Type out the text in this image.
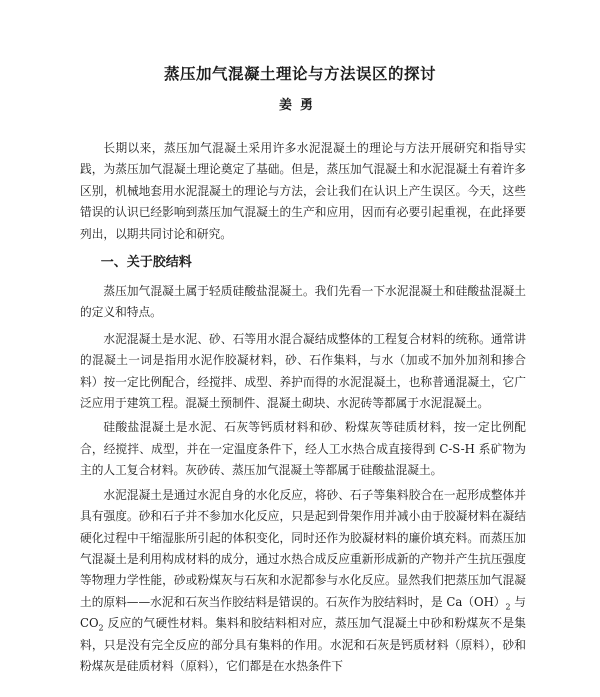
蒸压加气混凝土理论与方法误区的探讨
姜勇

长期以来，蒸压加气混凝土采用许多水泥混凝土的理论与方法开展研究和指导实践，为蒸压加气混凝土理论奠定了基础。但是，蒸压加气混凝土和水泥混凝土有着许多区别，机械地套用水泥混凝土的理论与方法，会让我们在认识上产生误区。今天，这些错误的认识已经影响到蒸压加气混凝土的生产和应用，因而有必要引起重视，在此择要列出，以期共同讨论和研究。

一、关于胶结料

蒸压加气混凝土属于轻质硅酸盐混凝土。我们先看一下水泥混凝土和硅酸盐混凝土的定义和特点。

水泥混凝土是水泥、砂、石等用水混合凝结成整体的工程复合材料的统称。通常讲的混凝土一词是指用水泥作胶凝材料，砂、石作集料，与水（加或不加外加剂和掺合料）按一定比例配合，经搅拌、成型、养护而得的水泥混凝土，也称普通混凝土，它广泛应用于建筑工程。混凝土预制件、混凝土砌块、水泥砖等都属于水泥混凝土。

硅酸盐混凝土是水泥、石灰等钙质材料和砂、粉煤灰等硅质材料，按一定比例配合，经搅拌、成型，并在一定温度条件下，经人工水热合成直接得到 C-S-H 系矿物为主的人工复合材料。灰砂砖、蒸压加气混凝土等都属于硅酸盐混凝土。

水泥混凝土是通过水泥自身的水化反应，将砂、石子等集料胶合在一起形成整体并具有强度。砂和石子并不参加水化反应，只是起到骨架作用并减小由于胶凝材料在凝结硬化过程中干缩湿胀所引起的体积变化，同时还作为胶凝材料的廉价填充料。而蒸压加气混凝土是利用构成材料的成分，通过水热合成反应重新形成新的产物并产生抗压强度等物理力学性能，砂或粉煤灰与石灰和水泥都参与水化反应。显然我们把蒸压加气混凝土的原料——水泥和石灰当作胶结料是错误的。石灰作为胶结料时，是 $Ca(OH)_2$ 与 $CO_2$ 反应的气硬性材料。集料和胶结料相对应，蒸压加气混凝土中砂和粉煤灰不是集料，只是没有完全反应的部分具有集料的作用。水泥和石灰是钙质材料（原料），砂和粉煤灰是硅质材料（原料），它们都是在水热条件下
